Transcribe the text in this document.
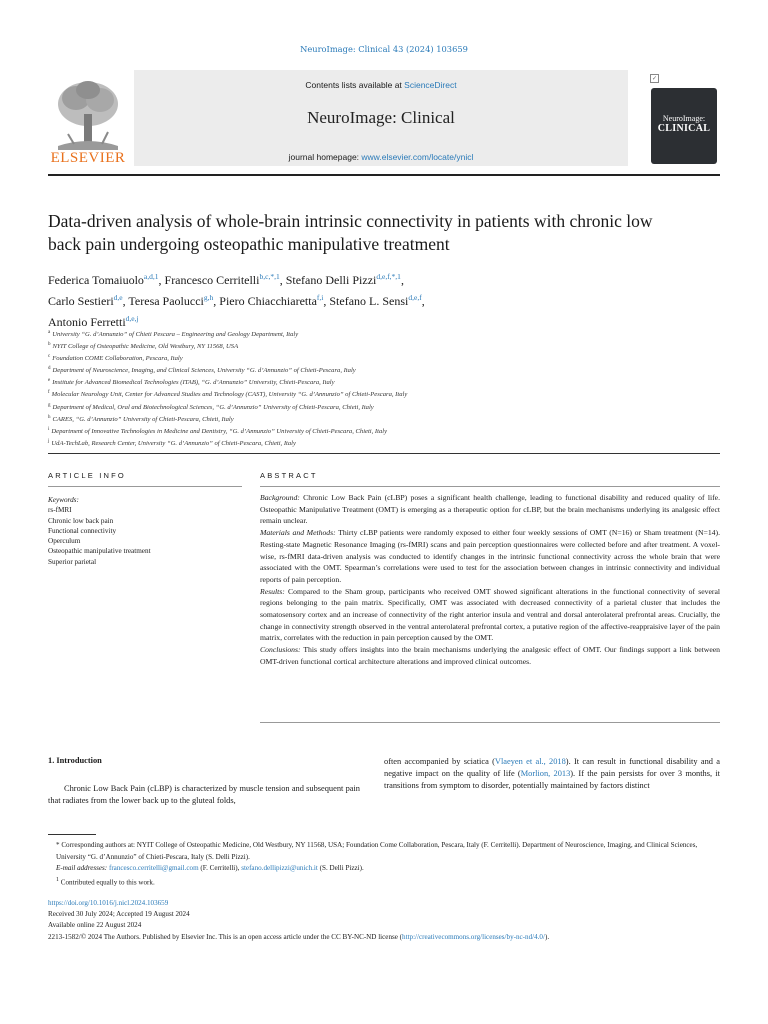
NeuroImage: Clinical 43 (2024) 103659
ELSEVIER
Contents lists available at ScienceDirect
NeuroImage: Clinical
journal homepage: www.elsevier.com/locate/ynicl
✓
NeuroImage:
CLINICAL
Data-driven analysis of whole-brain intrinsic connectivity in patients with chronic low back pain undergoing osteopathic manipulative treatment
Federica Tomaiuolo$^{a,d,1}$, Francesco Cerritelli$^{b,c,*,1}$, Stefano Delli Pizzi$^{d,e,f,*,1}$,
Carlo Sestieri$^{d,e}$, Teresa Paolucci$^{g,h}$, Piero Chiacchiaretta$^{f,i}$, Stefano L. Sensi$^{d,e,f}$,
Antonio Ferretti$^{d,e,j}$
$^a$ University “G. d’Annunzio” of Chieti Pescara – Engineering and Geology Department, Italy
$^b$ NYIT College of Osteopathic Medicine, Old Westbury, NY 11568, USA
$^c$ Foundation COME Collaboration, Pescara, Italy
$^d$ Department of Neuroscience, Imaging, and Clinical Sciences, University “G. d’Annunzio” of Chieti-Pescara, Italy
$^e$ Institute for Advanced Biomedical Technologies (ITAB), “G. d’Annunzio” University, Chieti-Pescara, Italy
$^f$ Molecular Neurology Unit, Center for Advanced Studies and Technology (CAST), University “G. d’Annunzio” of Chieti-Pescara, Italy
$^g$ Department of Medical, Oral and Biotechnological Sciences, “G. d’Annunzio” University of Chieti-Pescara, Chieti, Italy
$^h$ CARES, “G. d’Annunzio” University of Chieti-Pescara, Chieti, Italy
$^i$ Department of Innovative Technologies in Medicine and Dentistry, “G. d’Annunzio” University of Chieti-Pescara, Chieti, Italy
$^j$ UdA-TechLab, Research Center, University “G. d’Annunzio” of Chieti-Pescara, Chieti, Italy
ARTICLE INFO
Keywords:
rs-fMRI
Chronic low back pain
Functional connectivity
Operculum
Osteopathic manipulative treatment
Superior parietal
ABSTRACT
Background: Chronic Low Back Pain (cLBP) poses a significant health challenge, leading to functional disability and reduced quality of life. Osteopathic Manipulative Treatment (OMT) is emerging as a therapeutic option for cLBP, but the brain mechanisms underlying its analgesic effect remain unclear.
Materials and Methods: Thirty cLBP patients were randomly exposed to either four weekly sessions of OMT (N=16) or Sham treatment (N=14). Resting-state Magnetic Resonance Imaging (rs-fMRI) scans and pain perception questionnaires were collected before and after treatment. A voxel-wise, rs-fMRI data-driven analysis was conducted to identify changes in the intrinsic functional connectivity across the whole brain that were associated with the OMT. Spearman’s correlations were used to test for the association between changes in intrinsic connectivity and individual reports of pain perception.
Results: Compared to the Sham group, participants who received OMT showed significant alterations in the functional connectivity of several regions belonging to the pain matrix. Specifically, OMT was associated with decreased connectivity of a parietal cluster that includes the somatosensory cortex and an increase of connectivity of the right anterior insula and ventral and dorsal anterolateral prefrontal areas. Crucially, the change in connectivity strength observed in the ventral anterolateral prefrontal cortex, a putative region of the affective-reappraisive layer of the pain matrix, correlates with the reduction in pain perception caused by the OMT.
Conclusions: This study offers insights into the brain mechanisms underlying the analgesic effect of OMT. Our findings support a link between OMT-driven functional cortical architecture alterations and improved clinical outcomes.
1. Introduction
Chronic Low Back Pain (cLBP) is characterized by muscle tension and subsequent pain that radiates from the lower back up to the gluteal folds,
often accompanied by sciatica (Vlaeyen et al., 2018). It can result in functional disability and a negative impact on the quality of life (Morlion, 2013). If the pain persists for over 3 months, it transitions from symptom to disorder, potentially maintained by factors distinct
* Corresponding authors at: NYIT College of Osteopathic Medicine, Old Westbury, NY 11568, USA; Foundation Come Collaboration, Pescara, Italy (F. Cerritelli). Department of Neuroscience, Imaging, and Clinical Sciences, University “G. d’Annunzio” of Chieti-Pescara, Italy (S. Delli Pizzi).
E-mail addresses: francesco.cerritelli@gmail.com (F. Cerritelli), stefano.dellipizzi@unich.it (S. Delli Pizzi).
$^1$ Contributed equally to this work.
https://doi.org/10.1016/j.nicl.2024.103659
Received 30 July 2024; Accepted 19 August 2024
Available online 22 August 2024
2213-1582/© 2024 The Authors. Published by Elsevier Inc. This is an open access article under the CC BY-NC-ND license (http://creativecommons.org/licenses/by-nc-nd/4.0/).
